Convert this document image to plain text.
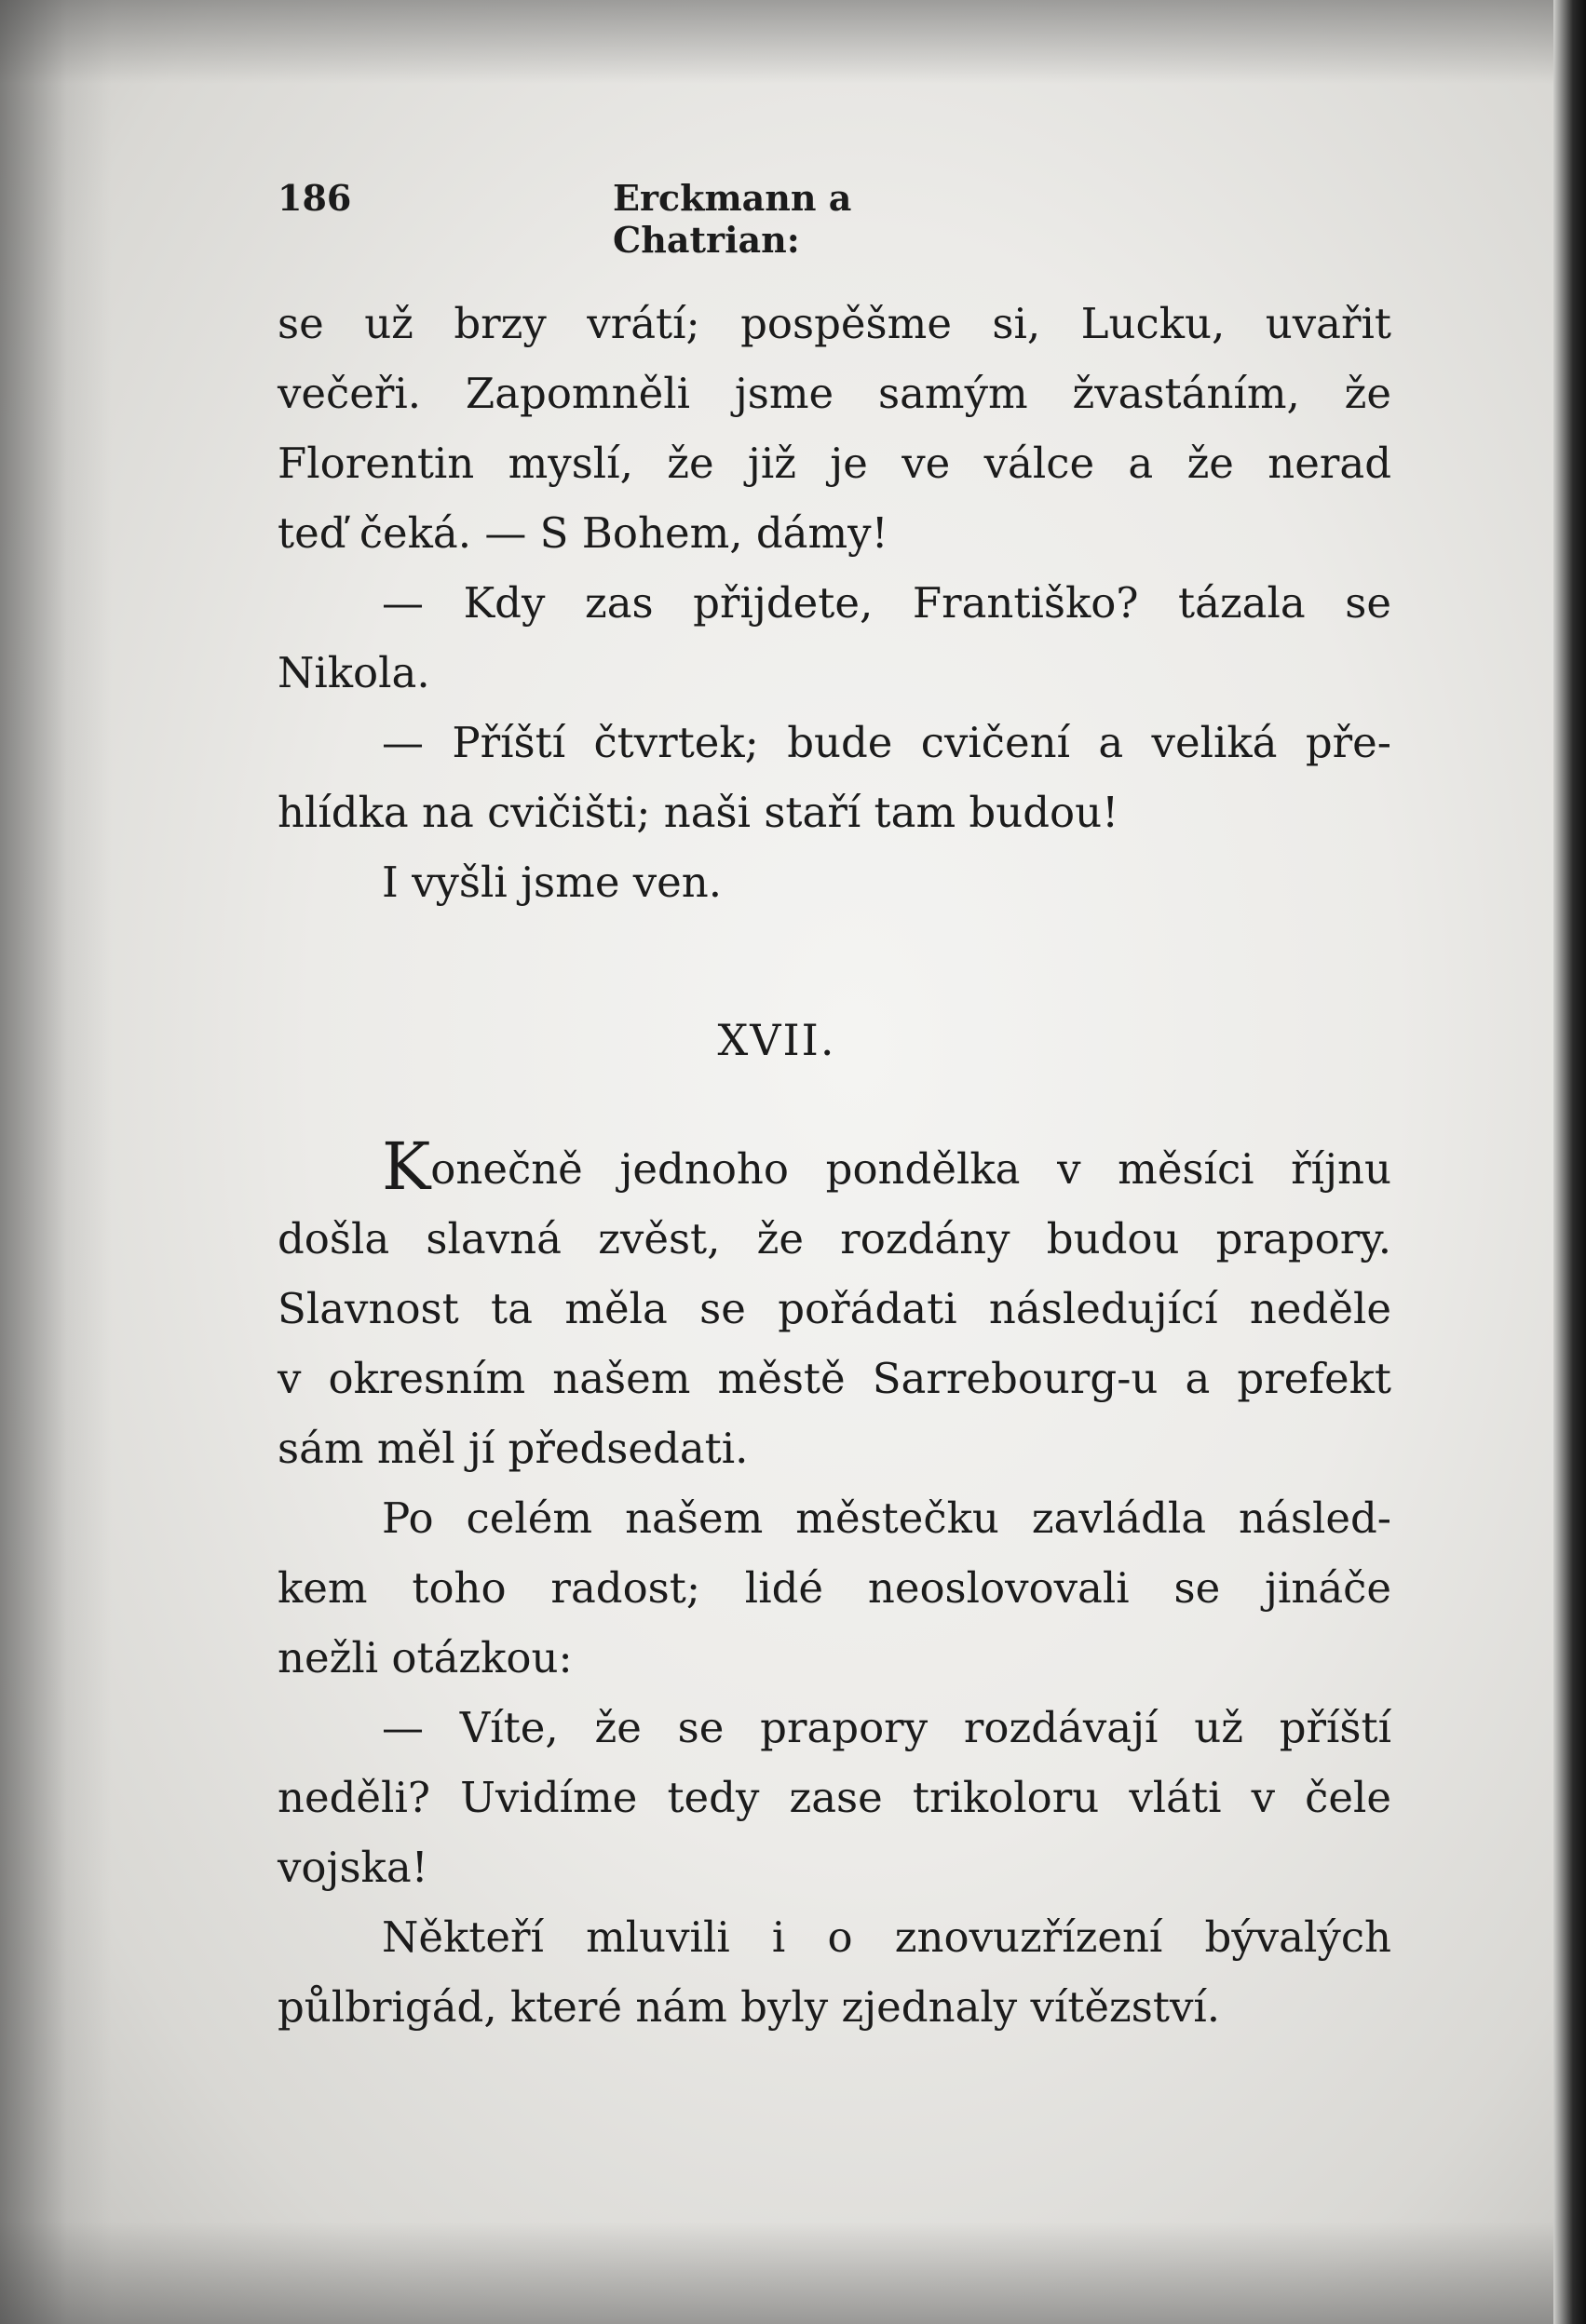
186	Erckmann a Chatrian:
se už brzy vrátí; pospěšme si, Lucku, uvařit
večeři. Zapomněli jsme samým žvastáním, že
Florentin myslí, že již je ve válce a že nerad
teď čeká. — S Bohem, dámy!
— Kdy zas přijdete, Františko? tázala se
Nikola.
— Příští čtvrtek; bude cvičení a veliká pře-
hlídka na cvičišti; naši staří tam budou!
I vyšli jsme ven.
XVII.
Konečně jednoho pondělka v měsíci říjnu
došla slavná zvěst, že rozdány budou prapory.
Slavnost ta měla se pořádati následující neděle
v okresním našem městě Sarrebourg-u a prefekt
sám měl jí předsedati.
Po celém našem městečku zavládla násled-
kem toho radost; lidé neoslovovali se jináče
nežli otázkou:
— Víte, že se prapory rozdávají už příští
neděli? Uvidíme tedy zase trikoloru vláti v čele
vojska!
Někteří mluvili i o znovuzřízení bývalých
půlbrigád, které nám byly zjednaly vítězství.
